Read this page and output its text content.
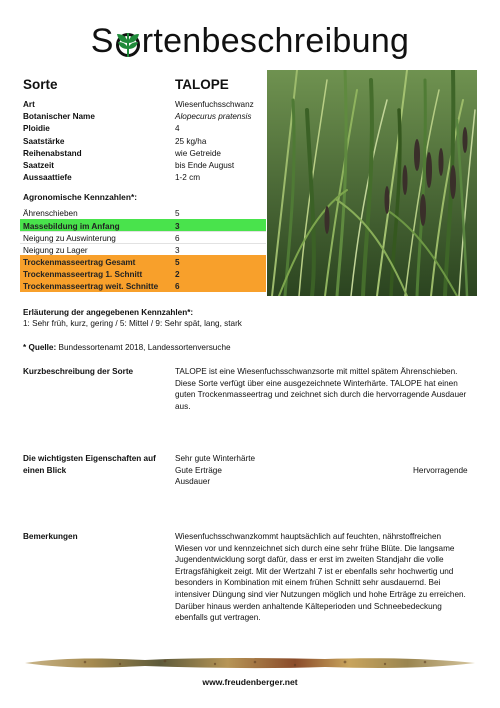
S rtenbeschreibung
Sorte	TALOPE
Art	Wiesenfuchsschwanz
Botanischer Name	Alopecurus pratensis
Ploidie	4
Saatstärke	25 kg/ha
Reihenabstand	wie Getreide
Saatzeit	bis Ende August
Aussaattiefe	1-2 cm
Agronomische Kennzahlen*:
Ährenschieben	5
Massebildung im Anfang	3
Neigung zu Auswinterung	6
Neigung zu Lager	3
Trockenmasseertrag Gesamt	5
Trockenmasseertrag 1. Schnitt	2
Trockenmasseertrag weit. Schnitte 6
Erläuterung der angegebenen Kennzahlen*:
1: Sehr früh, kurz, gering / 5: Mittel / 9: Sehr spät, lang, stark
* Quelle: Bundessortenamt 2018, Landessortenversuche
Kurzbeschreibung der Sorte	TALOPE ist eine Wiesenfuchsschwanzsorte mit mittel spätem Ährenschieben.
Diese Sorte verfügt über eine ausgezeichnete Winterhärte. TALOPE hat einen
guten Trockenmasseertrag und zeichnet sich durch die hervorragende Ausdauer
aus.
Die wichtigsten Eigenschaften auf
einen Blick
Sehr gute Winterhärte
Gute Erträge	Hervorragende
Ausdauer
Bemerkungen	Wiesenfuchsschwanzkommt hauptsächlich auf feuchten, nährstoffreichen
Wiesen vor und kennzeichnet sich durch eine sehr frühe Blüte. Die langsame
Jugendentwicklung sorgt dafür, dass er erst im zweiten Standjahr die volle
Ertragsfähigkeit zeigt. Mit der Wertzahl 7 ist er ebenfalls sehr hochwertig und
besonders in Kombination mit einem frühen Schnitt sehr ausdauernd. Bei
intensiver Düngung sind vier Nutzungen möglich und hohe Erträge zu erreichen.
Darüber hinaus werden anhaltende Kälteperioden und Schneebedeckung
ebenfalls gut vertragen.
www.freudenberger.net
